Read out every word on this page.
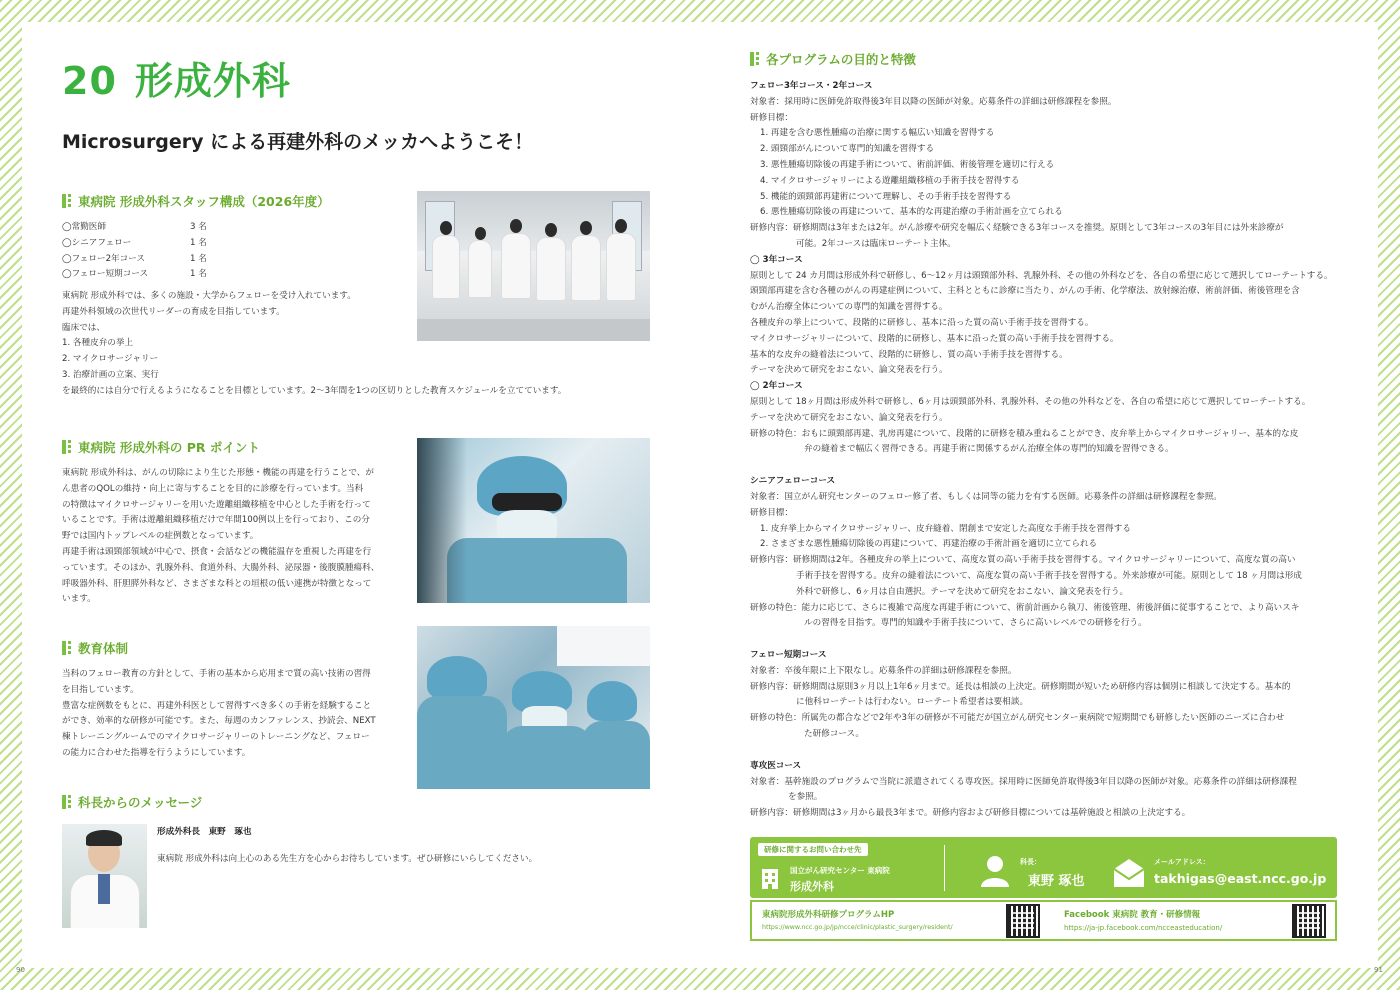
20 形成外科
Microsurgery による再建外科のメッカへようこそ！
東病院 形成外科スタッフ構成（2026年度）
◯常勤医師	3 名
◯シニアフェロー	1 名
◯フェロー2年コース	1 名
◯フェロー短期コース	1 名
東病院 形成外科では、多くの施設・大学からフェローを受け入れています。
再建外科領域の次世代リーダーの育成を目指しています。
臨床では、
1. 各種皮弁の挙上
2. マイクロサージャリー
3. 治療計画の立案、実行
を最終的には自分で行えるようになることを目標としています。2～3年間を1つの区切りとした教育スケジュールを立てています。
東病院 形成外科の PR ポイント
東病院 形成外科は、がんの切除により生じた形態・機能の再建を行うことで、が
ん患者のQOLの維持・向上に寄与することを目的に診療を行っています。当科
の特徴はマイクロサージャリーを用いた遊離組織移植を中心とした手術を行って
いることです。手術は遊離組織移植だけで年間100例以上を行っており、この分
野では国内トップレベルの症例数となっています。
再建手術は頭頸部領域が中心で、摂食・会話などの機能温存を重視した再建を行
っています。そのほか、乳腺外科、食道外科、大腸外科、泌尿器・後腹膜腫瘍科、
呼吸器外科、肝胆膵外科など、さまざまな科との垣根の低い連携が特徴となって
います。
教育体制
当科のフェロー教育の方針として、手術の基本から応用まで質の高い技術の習得
を目指しています。
豊富な症例数をもとに、再建外科医として習得すべき多くの手術を経験すること
ができ、効率的な研修が可能です。また、毎週のカンファレンス、抄読会、NEXT
棟トレーニングルームでのマイクロサージャリーのトレーニングなど、フェロー
の能力に合わせた指導を行うようにしています。
科長からのメッセージ
形成外科長　東野　琢也
東病院 形成外科は向上心のある先生方を心からお待ちしています。ぜひ研修にいらしてください。
各プログラムの目的と特徴
フェロー3年コース・2年コース
対象者：採用時に医師免許取得後3年目以降の医師が対象。応募条件の詳細は研修課程を参照。
研修目標：
1. 再建を含む悪性腫瘍の治療に関する幅広い知識を習得する
2. 頭頸部がんについて専門的知識を習得する
3. 悪性腫瘍切除後の再建手術について、術前評価、術後管理を適切に行える
4. マイクロサージャリーによる遊離組織移植の手術手技を習得する
5. 機能的頭頸部再建術について理解し、その手術手技を習得する
6. 悪性腫瘍切除後の再建について、基本的な再建治療の手術計画を立てられる
研修内容：研修期間は3年または2年。がん診療や研究を幅広く経験できる3年コースを推奨。原則として3年コースの3年目には外来診療が
可能。2年コースは臨床ローテート主体。
◯ 3年コース
原則として 24 カ月間は形成外科で研修し、6～12ヶ月は頭頸部外科、乳腺外科、その他の外科などを、各自の希望に応じて選択してローテートする。
頭頸部再建を含む各種のがんの再建症例について、主科とともに診療に当たり、がんの手術、化学療法、放射線治療、術前評価、術後管理を含
むがん治療全体についての専門的知識を習得する。
各種皮弁の挙上について、段階的に研修し、基本に沿った質の高い手術手技を習得する。
マイクロサージャリーについて、段階的に研修し、基本に沿った質の高い手術手技を習得する。
基本的な皮弁の縫着法について、段階的に研修し、質の高い手術手技を習得する。
テーマを決めて研究をおこない、論文発表を行う。
◯ 2年コース
原則として 18ヶ月間は形成外科で研修し、6ヶ月は頭頸部外科、乳腺外科、その他の外科などを、各自の希望に応じて選択してローテートする。
テーマを決めて研究をおこない、論文発表を行う。
研修の特色：おもに頭頸部再建、乳房再建について、段階的に研修を積み重ねることができ、皮弁挙上からマイクロサージャリー、基本的な皮
弁の縫着まで幅広く習得できる。再建手術に関係するがん治療全体の専門的知識を習得できる。
シニアフェローコース
対象者：国立がん研究センターのフェロー修了者、もしくは同等の能力を有する医師。応募条件の詳細は研修課程を参照。
研修目標：
1. 皮弁挙上からマイクロサージャリー、皮弁縫着、閉創まで安定した高度な手術手技を習得する
2. さまざまな悪性腫瘍切除後の再建について、再建治療の手術計画を適切に立てられる
研修内容：研修期間は2年。各種皮弁の挙上について、高度な質の高い手術手技を習得する。マイクロサージャリーについて、高度な質の高い
手術手技を習得する。皮弁の縫着法について、高度な質の高い手術手技を習得する。外来診療が可能。原則として 18 ヶ月間は形成
外科で研修し、6ヶ月は自由選択。テーマを決めて研究をおこない、論文発表を行う。
研修の特色：能力に応じて、さらに複雑で高度な再建手術について、術前計画から執刀、術後管理、術後評価に従事することで、より高いスキ
ルの習得を目指す。専門的知識や手術手技について、さらに高いレベルでの研修を行う。
フェロー短期コース
対象者：卒後年限に上下限なし。応募条件の詳細は研修課程を参照。
研修内容：研修期間は原則3ヶ月以上1年6ヶ月まで。延長は相談の上決定。研修期間が短いため研修内容は個別に相談して決定する。基本的
に他科ローテートは行わない。ローテート希望者は要相談。
研修の特色：所属先の都合などで2年や3年の研修が不可能だが国立がん研究センター東病院で短期間でも研修したい医師のニーズに合わせ
た研修コース。
専攻医コース
対象者：基幹施設のプログラムで当院に派遣されてくる専攻医。採用時に医師免許取得後3年目以降の医師が対象。応募条件の詳細は研修課程
を参照。
研修内容：研修期間は3ヶ月から最長3年まで。研修内容および研修目標については基幹施設と相談の上決定する。
研修に関するお問い合わせ先
国立がん研究センター 東病院
形成外科
科長：
東野 琢也
メールアドレス：
takhigas@east.ncc.go.jp
東病院形成外科研修プログラムHP
https://www.ncc.go.jp/jp/ncce/clinic/plastic_surgery/resident/
Facebook 東病院 教育・研修情報
https://ja-jp.facebook.com/ncceasteducation/
90	91
